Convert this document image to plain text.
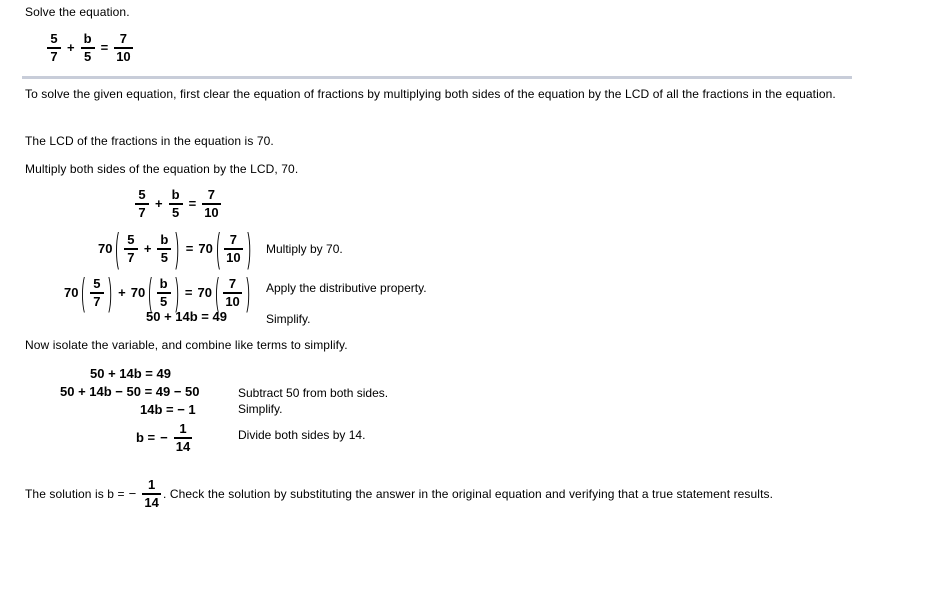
Solve the equation.
$\frac{5}{7} + \frac{b}{5} = \frac{7}{10}$
To solve the given equation, first clear the equation of fractions by multiplying both sides of the equation by the LCD of all the fractions in the equation.
The LCD of the fractions in the equation is 70.
Multiply both sides of the equation by the LCD, 70.
$\frac{5}{7} + \frac{b}{5} = \frac{7}{10}$
70 ( $\frac{5}{7} + \frac{b}{5}$ ) = 70 ( $\frac{7}{10}$ ) Multiply by 70.
70 ( $\frac{5}{7}$ ) + 70 ( $\frac{b}{5}$ ) = 70 ( $\frac{7}{10}$ ) Apply the distributive property.
50 + 14b = 49	Simplify.
Now isolate the variable, and combine like terms to simplify.
50 + 14b = 49
50 + 14b − 50 = 49 − 50	Subtract 50 from both sides.
14b = − 1	Simplify.
b = − $\frac{1}{14}$	Divide both sides by 14.
The solution is b = − $\frac{1}{14}$ . Check the solution by substituting the answer in the original equation and verifying that a true statement results.
